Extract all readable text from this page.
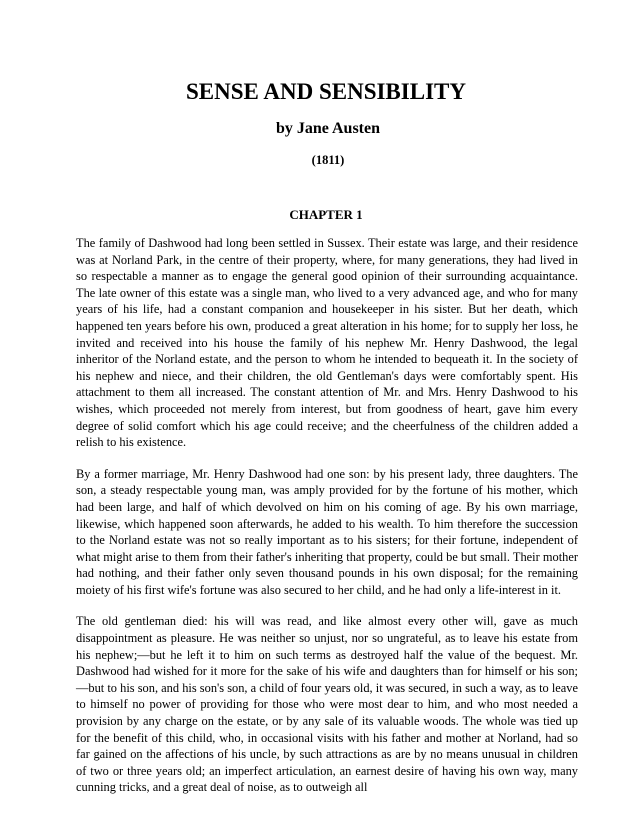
SENSE AND SENSIBILITY
by Jane Austen
(1811)
CHAPTER 1

The family of Dashwood had long been settled in Sussex. Their estate was large, and their residence was at Norland Park, in the centre of their property, where, for many generations, they had lived in so respectable a manner as to engage the general good opinion of their surrounding acquaintance. The late owner of this estate was a single man, who lived to a very advanced age, and who for many years of his life, had a constant companion and housekeeper in his sister. But her death, which happened ten years before his own, produced a great alteration in his home; for to supply her loss, he invited and received into his house the family of his nephew Mr. Henry Dashwood, the legal inheritor of the Norland estate, and the person to whom he intended to bequeath it. In the society of his nephew and niece, and their children, the old Gentleman's days were comfortably spent. His attachment to them all increased. The constant attention of Mr. and Mrs. Henry Dashwood to his wishes, which proceeded not merely from interest, but from goodness of heart, gave him every degree of solid comfort which his age could receive; and the cheerfulness of the children added a relish to his existence.

By a former marriage, Mr. Henry Dashwood had one son: by his present lady, three daughters. The son, a steady respectable young man, was amply provided for by the fortune of his mother, which had been large, and half of which devolved on him on his coming of age. By his own marriage, likewise, which happened soon afterwards, he added to his wealth. To him therefore the succession to the Norland estate was not so really important as to his sisters; for their fortune, independent of what might arise to them from their father's inheriting that property, could be but small. Their mother had nothing, and their father only seven thousand pounds in his own disposal; for the remaining moiety of his first wife's fortune was also secured to her child, and he had only a life-interest in it.

The old gentleman died: his will was read, and like almost every other will, gave as much disappointment as pleasure. He was neither so unjust, nor so ungrateful, as to leave his estate from his nephew;—but he left it to him on such terms as destroyed half the value of the bequest. Mr. Dashwood had wished for it more for the sake of his wife and daughters than for himself or his son;—but to his son, and his son's son, a child of four years old, it was secured, in such a way, as to leave to himself no power of providing for those who were most dear to him, and who most needed a provision by any charge on the estate, or by any sale of its valuable woods. The whole was tied up for the benefit of this child, who, in occasional visits with his father and mother at Norland, had so far gained on the affections of his uncle, by such attractions as are by no means unusual in children of two or three years old; an imperfect articulation, an earnest desire of having his own way, many cunning tricks, and a great deal of noise, as to outweigh all
